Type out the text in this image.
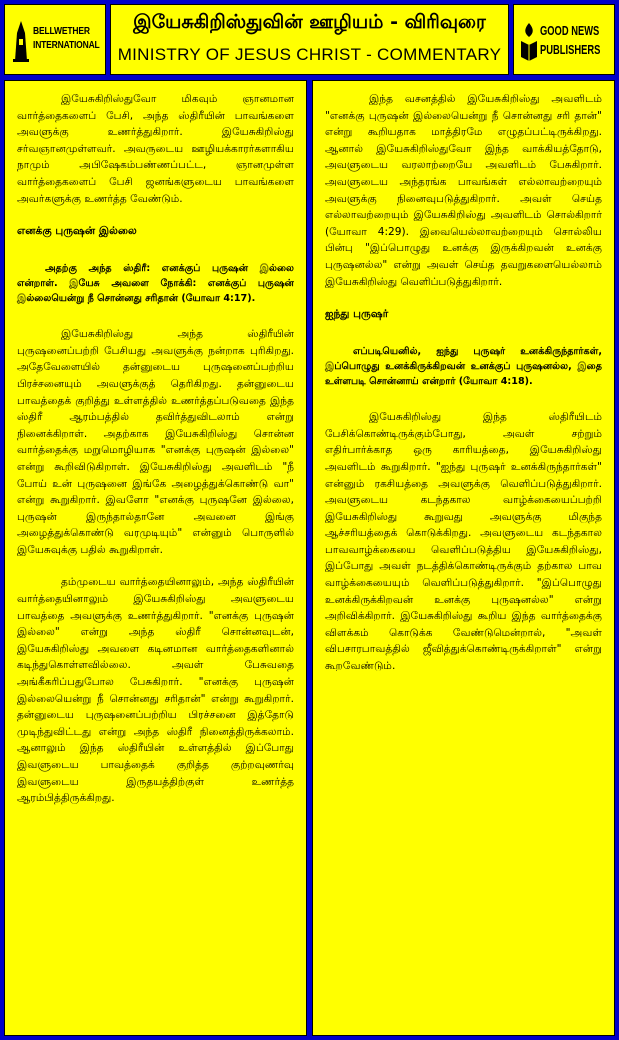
BELLWETHER
INTERNATIONAL
இயேசுகிறிஸ்துவின் ஊழியம் - விரிவுரை
MINISTRY OF JESUS CHRIST - COMMENTARY
GOOD NEWS
PUBLISHERS

இயேசுகிறிஸ்துவோ மிகவும் ஞானமான வார்த்தைகளைப் பேசி, அந்த ஸ்திரீயின் பாவங்களை அவளுக்கு உணர்த்துகிறார். இயேசுகிறிஸ்து சர்வஞானமுள்ளவர். அவருடைய ஊழியக்காரர்களாகிய நாமும் அபிஷேகம்பண்ணப்பட்ட, ஞானமுள்ள வார்த்தைகளைப் பேசி ஜனங்களுடைய பாவங்களை அவர்களுக்கு உணர்த்த வேண்டும்.

எனக்கு புருஷன் இல்லை

அதற்கு அந்த ஸ்திரீ: எனக்குப் புருஷன் இல்லை என்றாள். இயேசு அவளை நோக்கி: எனக்குப் புருஷன் இல்லையென்று நீ சொன்னது சரிதான் (யோவா 4:17).

இயேசுகிறிஸ்து அந்த ஸ்திரீயின் புருஷனைப்பற்றி பேசியது அவளுக்கு நன்றாக புரிகிறது. அதேவேளையில் தன்னுடைய புருஷனைப்பற்றிய பிரச்சனையும் அவளுக்குத் தெரிகிறது. தன்னுடைய பாவத்தைக் குறித்து உள்ளத்தில் உணர்த்தப்படுவதை இந்த ஸ்திரீ ஆரம்பத்தில் தவிர்த்துவிடலாம் என்று நினைக்கிறாள். அதற்காக இயேசுகிறிஸ்து சொன்ன வார்த்தைக்கு மறுமொழியாக "எனக்கு புருஷன் இல்லை" என்று கூறிவிடுகிறாள். இயேசுகிறிஸ்து அவளிடம் "நீ போய் உன் புருஷனை இங்கே அழைத்துக்கொண்டு வா" என்று கூறுகிறார். இவளோ "எனக்கு புருஷனே இல்லை, புருஷன் இருந்தால்தானே அவனை இங்கு அழைத்துக்கொண்டு வரமுடியும்" என்னும் பொருளில் இயேசுவுக்கு பதில் கூறுகிறாள்.

தம்முடைய வார்த்தையினாலும், அந்த ஸ்திரீயின் வார்த்தையினாலும் இயேசுகிறிஸ்து அவளுடைய பாவத்தை அவளுக்கு உணர்த்துகிறார். "எனக்கு புருஷன் இல்லை" என்று அந்த ஸ்திரீ சொன்னவுடன், இயேசுகிறிஸ்து அவளை கடினமான வார்த்தைகளினால் கடிந்துகொள்ளவில்லை. அவள் பேசுவதை அங்கீகரிப்பதுபோல பேசுகிறார். "எனக்கு புருஷன் இல்லையென்று நீ சொன்னது சரிதான்" என்று கூறுகிறார். தன்னுடைய புருஷனைப்பற்றிய பிரச்சனை இத்தோடு முடிந்துவிட்டது என்று அந்த ஸ்திரீ நினைத்திருக்கலாம். ஆனாலும் இந்த ஸ்திரீயின் உள்ளத்தில் இப்போது இவளுடைய பாவத்தைக் குறித்த குற்றவுணர்வு இவளுடைய இருதயத்திற்குள் உணர்த்த ஆரம்பித்திருக்கிறது.

இந்த வசனத்தில் இயேசுகிறிஸ்து அவளிடம் "எனக்கு புருஷன் இல்லையென்று நீ சொன்னது சரி தான்" என்று கூறியதாக மாத்திரமே எழுதப்பட்டிருக்கிறது. ஆனால் இயேசுகிறிஸ்துவோ இந்த வாக்கியத்தோடு, அவளுடைய வரலாற்றையே அவளிடம் பேசுகிறார். அவளுடைய அந்தரங்க பாவங்கள் எல்லாவற்றையும் அவளுக்கு நினைவுபடுத்துகிறார். அவள் செய்த எல்லாவற்றையும் இயேசுகிறிஸ்து அவளிடம் சொல்கிறார் (யோவா 4:29). இவையெல்லாவற்றையும் சொல்லிய பின்பு "இப்பொழுது உனக்கு இருக்கிறவன் உனக்கு புருஷனல்ல" என்று அவள் செய்த தவறுகளையெல்லாம் இயேசுகிறிஸ்து வெளிப்படுத்துகிறார்.

ஐந்து புருஷர்

எப்படியெனில், ஐந்து புருஷர் உனக்கிருந்தார்கள், இப்பொழுது உனக்கிருக்கிறவன் உனக்குப் புருஷனல்ல, இதை உள்ளபடி சொன்னாய் என்றார் (யோவா 4:18).

இயேசுகிறிஸ்து இந்த ஸ்திரீயிடம் பேசிக்கொண்டிருக்கும்போது, அவள் சற்றும் எதிர்பார்க்காத ஒரு காரியத்தை, இயேசுகிறிஸ்து அவளிடம் கூறுகிறார். "ஐந்து புருஷர் உனக்கிருந்தார்கள்" என்னும் ரகசியத்தை அவளுக்கு வெளிப்படுத்துகிறார். அவளுடைய கடந்தகால வாழ்க்கையைப்பற்றி இயேசுகிறிஸ்து கூறுவது அவளுக்கு மிகுந்த ஆச்சரியத்தைக் கொடுக்கிறது. அவளுடைய கடந்தகால பாவவாழ்க்கையை வெளிப்படுத்திய இயேசுகிறிஸ்து, இப்போது அவள் நடத்திக்கொண்டிருக்கும் தற்கால பாவ வாழ்க்கையையும் வெளிப்படுத்துகிறார். "இப்பொழுது உனக்கிருக்கிறவன் உனக்கு புருஷனல்ல" என்று அறிவிக்கிறார். இயேசுகிறிஸ்து கூறிய இந்த வார்த்தைக்கு விளக்கம் கொடுக்க வேண்டுமென்றால், "அவள் விபசாரபாவத்தில் ஜீவித்துக்கொண்டிருக்கிறாள்" என்று கூறவேண்டும்.
